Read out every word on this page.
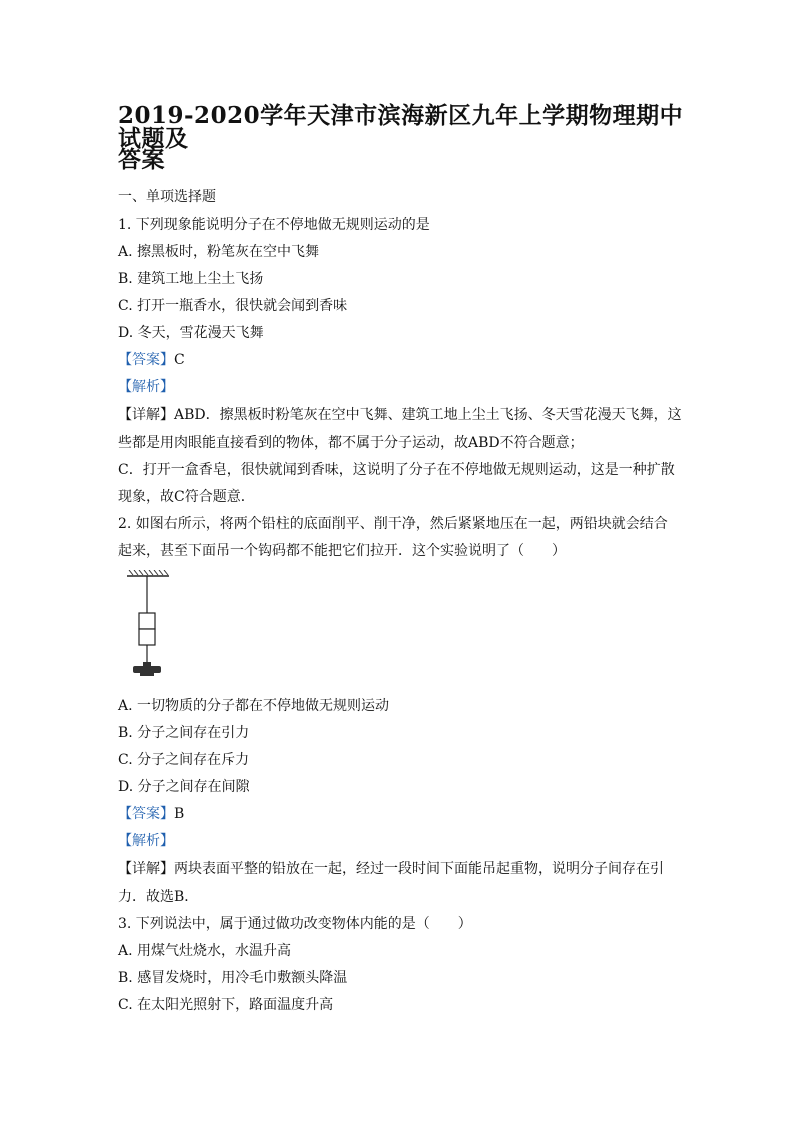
2019-2020学年天津市滨海新区九年上学期物理期中试题及
答案
一、单项选择题
1. 下列现象能说明分子在不停地做无规则运动的是
A. 擦黑板时，粉笔灰在空中飞舞
B. 建筑工地上尘土飞扬
C. 打开一瓶香水，很快就会闻到香味
D. 冬天，雪花漫天飞舞
【答案】C
【解析】
【详解】ABD．擦黑板时粉笔灰在空中飞舞、建筑工地上尘土飞扬、冬天雪花漫天飞舞，这
些都是用肉眼能直接看到的物体，都不属于分子运动，故ABD不符合题意；
C．打开一盒香皂，很快就闻到香味，这说明了分子在不停地做无规则运动，这是一种扩散
现象，故C符合题意．
2. 如图右所示，将两个铅柱的底面削平、削干净，然后紧紧地压在一起，两铅块就会结合
起来，甚至下面吊一个钩码都不能把它们拉开．这个实验说明了（　　）
A. 一切物质的分子都在不停地做无规则运动
B. 分子之间存在引力
C. 分子之间存在斥力
D. 分子之间存在间隙
【答案】B
【解析】
【详解】两块表面平整的铅放在一起，经过一段时间下面能吊起重物，说明分子间存在引
力．故选B．
3. 下列说法中，属于通过做功改变物体内能的是（　　）
A. 用煤气灶烧水，水温升高
B. 感冒发烧时，用冷毛巾敷额头降温
C. 在太阳光照射下，路面温度升高
